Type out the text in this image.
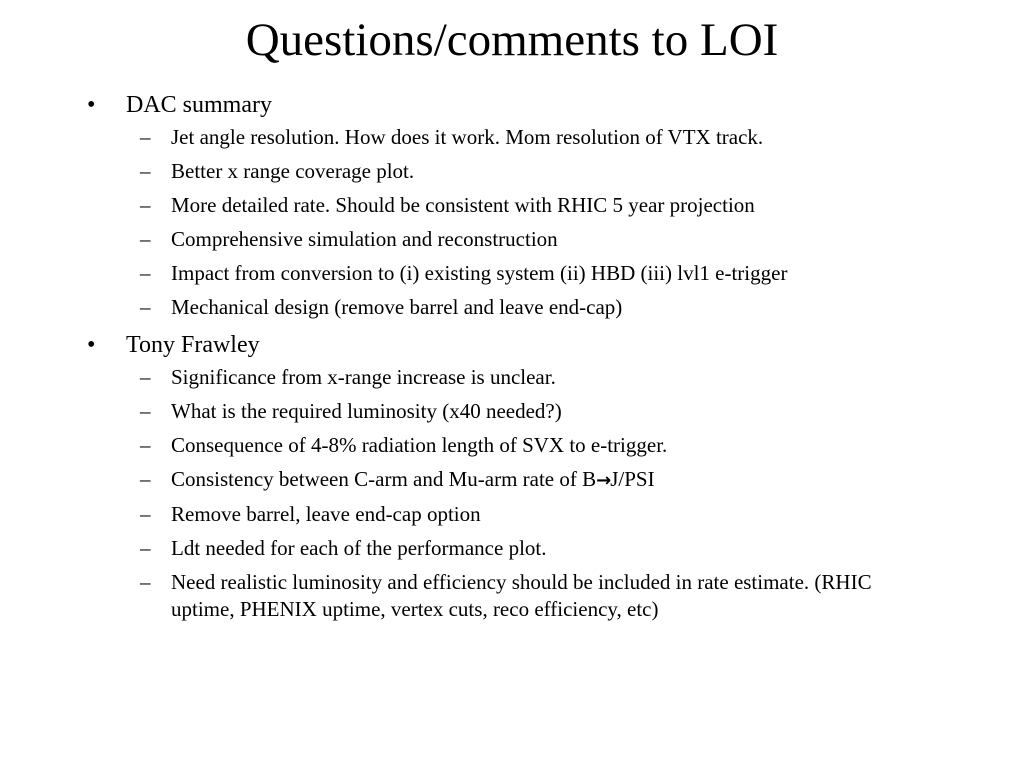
Questions/comments to LOI
• DAC summary
– Jet angle resolution. How does it work. Mom resolution of VTX track.
– Better x range coverage plot.
– More detailed rate. Should be consistent with RHIC 5 year projection
– Comprehensive simulation and reconstruction
– Impact from conversion to (i) existing system (ii) HBD (iii) lvl1 e-trigger
– Mechanical design (remove barrel and leave end-cap)
• Tony Frawley
– Significance from x-range increase is unclear.
– What is the required luminosity (x40 needed?)
– Consequence of 4-8% radiation length of SVX to e-trigger.
– Consistency between C-arm and Mu-arm rate of B→J/PSI
– Remove barrel, leave end-cap option
– Ldt needed for each of the performance plot.
– Need realistic luminosity and efficiency should be included in rate estimate. (RHIC uptime, PHENIX uptime, vertex cuts, reco efficiency, etc)
